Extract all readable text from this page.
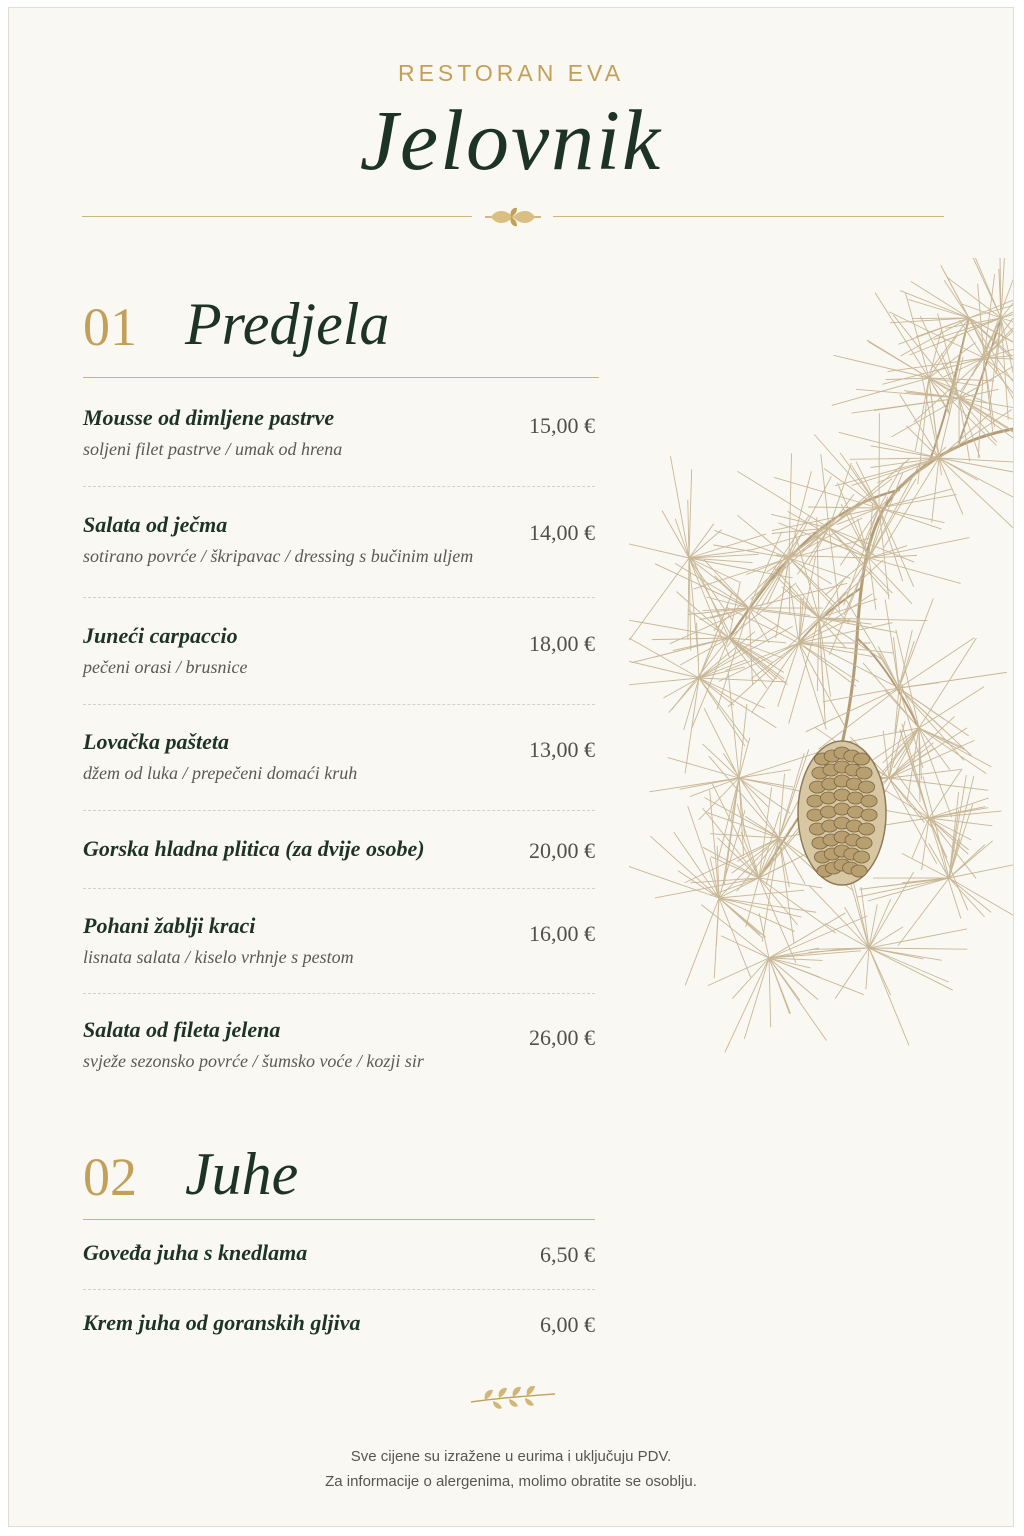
RESTORAN EVA
Jelovnik
01 Predjela
Mousse od dimljene pastrve
soljeni filet pastrve / umak od hrena
15,00 €
Salata od ječma
sotirano povrće / škripavac / dressing s bučinim uljem
14,00 €
Juneći carpaccio
pečeni orasi / brusnice
18,00 €
Lovačka pašteta
džem od luka / prepečeni domaći kruh
13,00 €
Gorska hladna plitica (za dvije osobe)	20,00 €
Pohani žablji kraci
lisnata salata / kiselo vrhnje s pestom
16,00 €
Salata od fileta jelena
svježe sezonsko povrće / šumsko voće / kozji sir
26,00 €
02 Juhe
Goveđa juha s knedlama	6,50 €
Krem juha od goranskih gljiva	6,00 €
Sve cijene su izražene u eurima i uključuju PDV.
Za informacije o alergenima, molimo obratite se osoblju.
